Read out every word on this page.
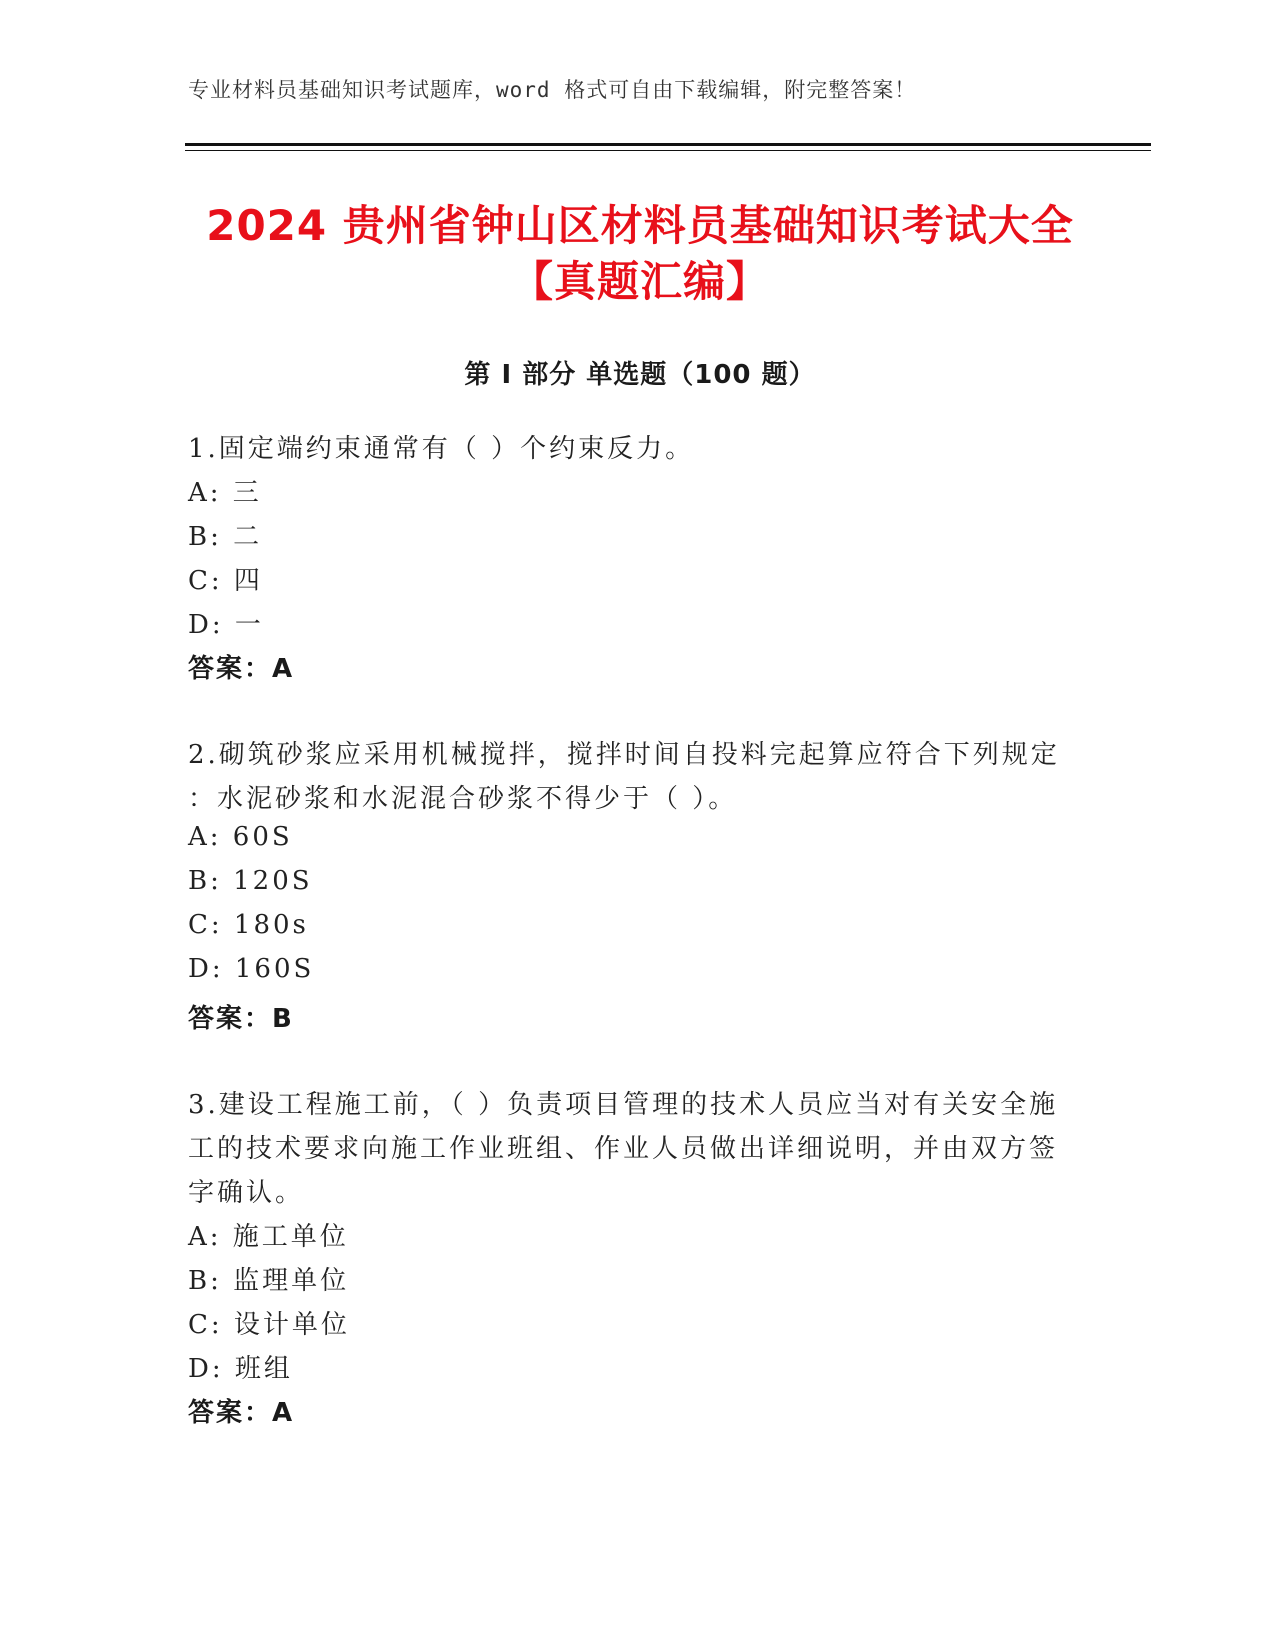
专业材料员基础知识考试题库，word 格式可自由下载编辑，附完整答案！
2024 贵州省钟山区材料员基础知识考试大全
【真题汇编】
第 I 部分 单选题（100 题）
1.固定端约束通常有（ ）个约束反力。
A: 三
B: 二
C: 四
D: 一
答案：A
2.砌筑砂浆应采用机械搅拌，搅拌时间自投料完起算应符合下列规定
：水泥砂浆和水泥混合砂浆不得少于（ ）。
A: 60S
B: 120S
C: 180s
D: 160S
答案：B
3.建设工程施工前，（ ）负责项目管理的技术人员应当对有关安全施
工的技术要求向施工作业班组、作业人员做出详细说明，并由双方签
字确认。
A: 施工单位
B: 监理单位
C: 设计单位
D: 班组
答案：A
